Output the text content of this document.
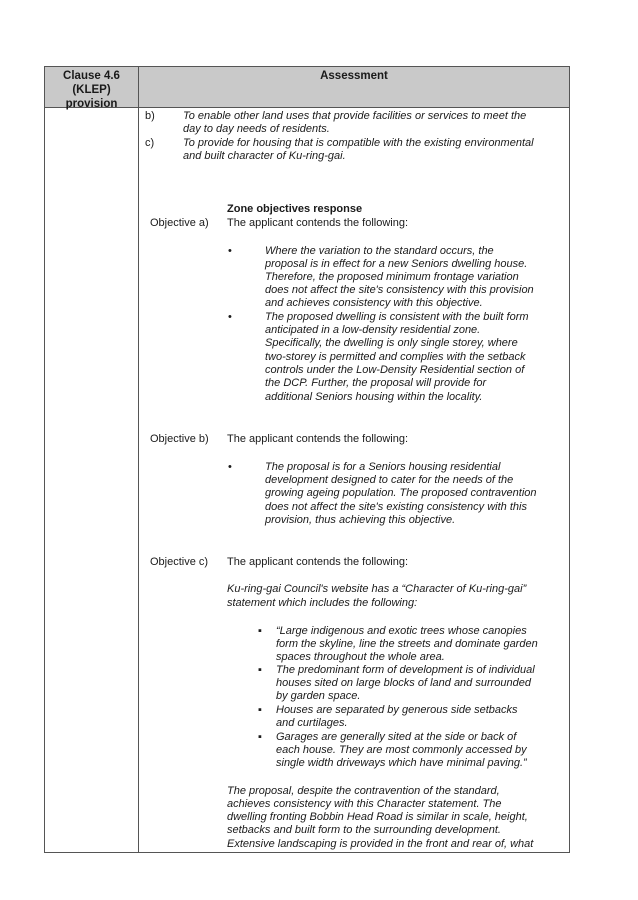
Clause 4.6
(KLEP)
provision
Assessment
b)	To enable other land uses that provide facilities or services to meet the
day to day needs of residents.
c)	To provide for housing that is compatible with the existing environmental
and built character of Ku-ring-gai.
Zone objectives response
Objective a) The applicant contends the following:
•	Where the variation to the standard occurs, the
proposal is in effect for a new Seniors dwelling house.
Therefore, the proposed minimum frontage variation
does not affect the site's consistency with this provision
and achieves consistency with this objective.
•	The proposed dwelling is consistent with the built form
anticipated in a low-density residential zone.
Specifically, the dwelling is only single storey, where
two-storey is permitted and complies with the setback
controls under the Low-Density Residential section of
the DCP. Further, the proposal will provide for
additional Seniors housing within the locality.
Objective b) The applicant contends the following:
•	The proposal is for a Seniors housing residential
development designed to cater for the needs of the
growing ageing population. The proposed contravention
does not affect the site's existing consistency with this
provision, thus achieving this objective.
Objective c) The applicant contends the following:
Ku-ring-gai Council's website has a “Character of Ku-ring-gai”
statement which includes the following:
▪ “Large indigenous and exotic trees whose canopies
form the skyline, line the streets and dominate garden
spaces throughout the whole area.
▪ The predominant form of development is of individual
houses sited on large blocks of land and surrounded
by garden space.
▪ Houses are separated by generous side setbacks
and curtilages.
▪ Garages are generally sited at the side or back of
each house. They are most commonly accessed by
single width driveways which have minimal paving.”
The proposal, despite the contravention of the standard,
achieves consistency with this Character statement. The
dwelling fronting Bobbin Head Road is similar in scale, height,
setbacks and built form to the surrounding development.
Extensive landscaping is provided in the front and rear of, what
